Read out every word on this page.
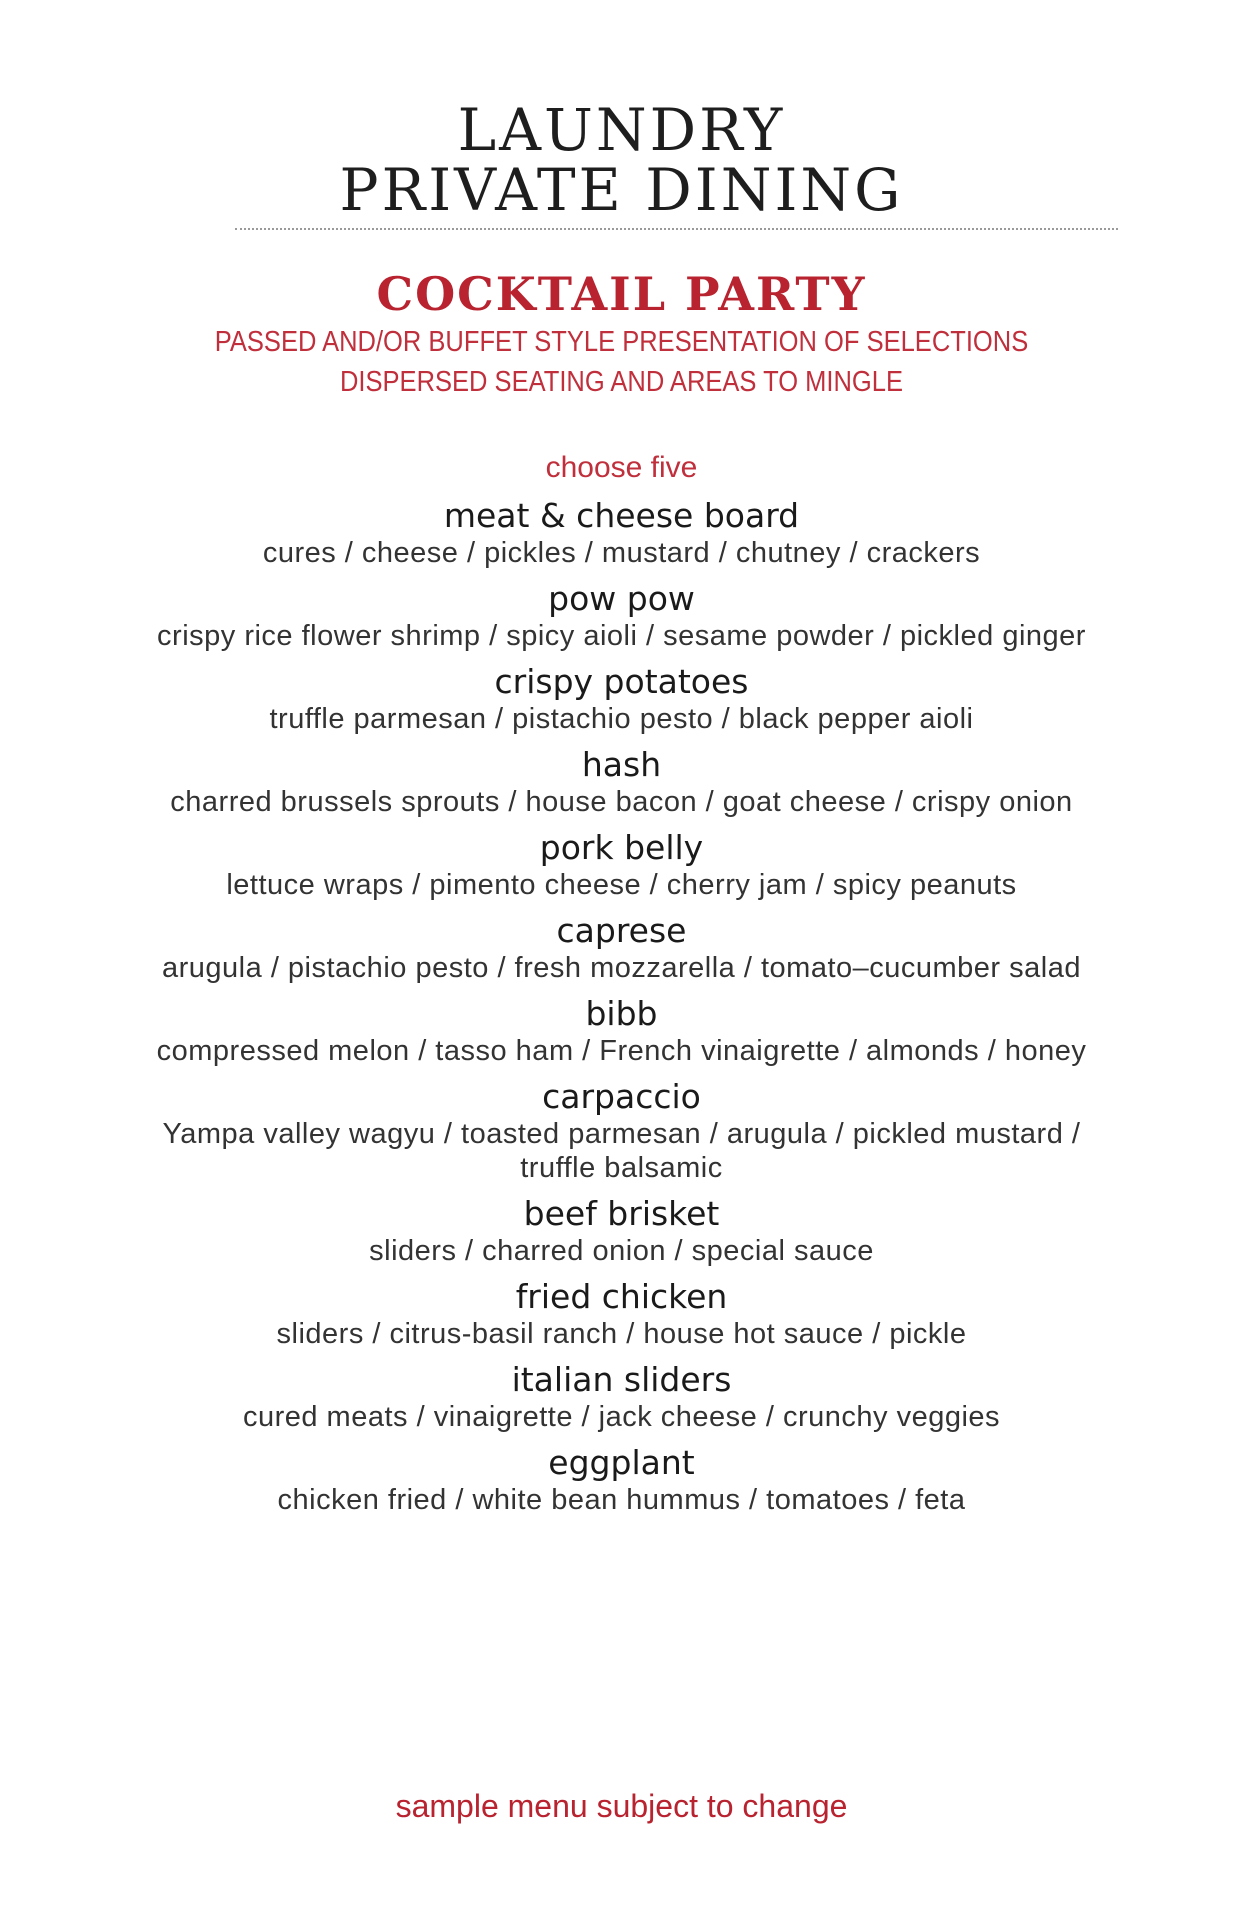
LAUNDRY
PRIVATE DINING
COCKTAIL PARTY

PASSED AND/OR BUFFET STYLE PRESENTATION OF SELECTIONS

DISPERSED SEATING AND AREAS TO MINGLE

choose five
meat & cheese board
cures / cheese / pickles / mustard / chutney / crackers
pow pow
crispy rice flower shrimp / spicy aioli / sesame powder / pickled ginger
crispy potatoes
truffle parmesan / pistachio pesto / black pepper aioli
hash
charred brussels sprouts / house bacon / goat cheese / crispy onion
pork belly
lettuce wraps / pimento cheese / cherry jam / spicy peanuts
caprese
arugula / pistachio pesto / fresh mozzarella / tomato–cucumber salad
bibb
compressed melon / tasso ham / French vinaigrette / almonds / honey
carpaccio
Yampa valley wagyu / toasted parmesan / arugula / pickled mustard / truffle balsamic
beef brisket
sliders / charred onion / special sauce
fried chicken
sliders / citrus-basil ranch / house hot sauce / pickle
italian sliders
cured meats / vinaigrette / jack cheese / crunchy veggies
eggplant
chicken fried / white bean hummus / tomatoes / feta
sample menu subject to change
